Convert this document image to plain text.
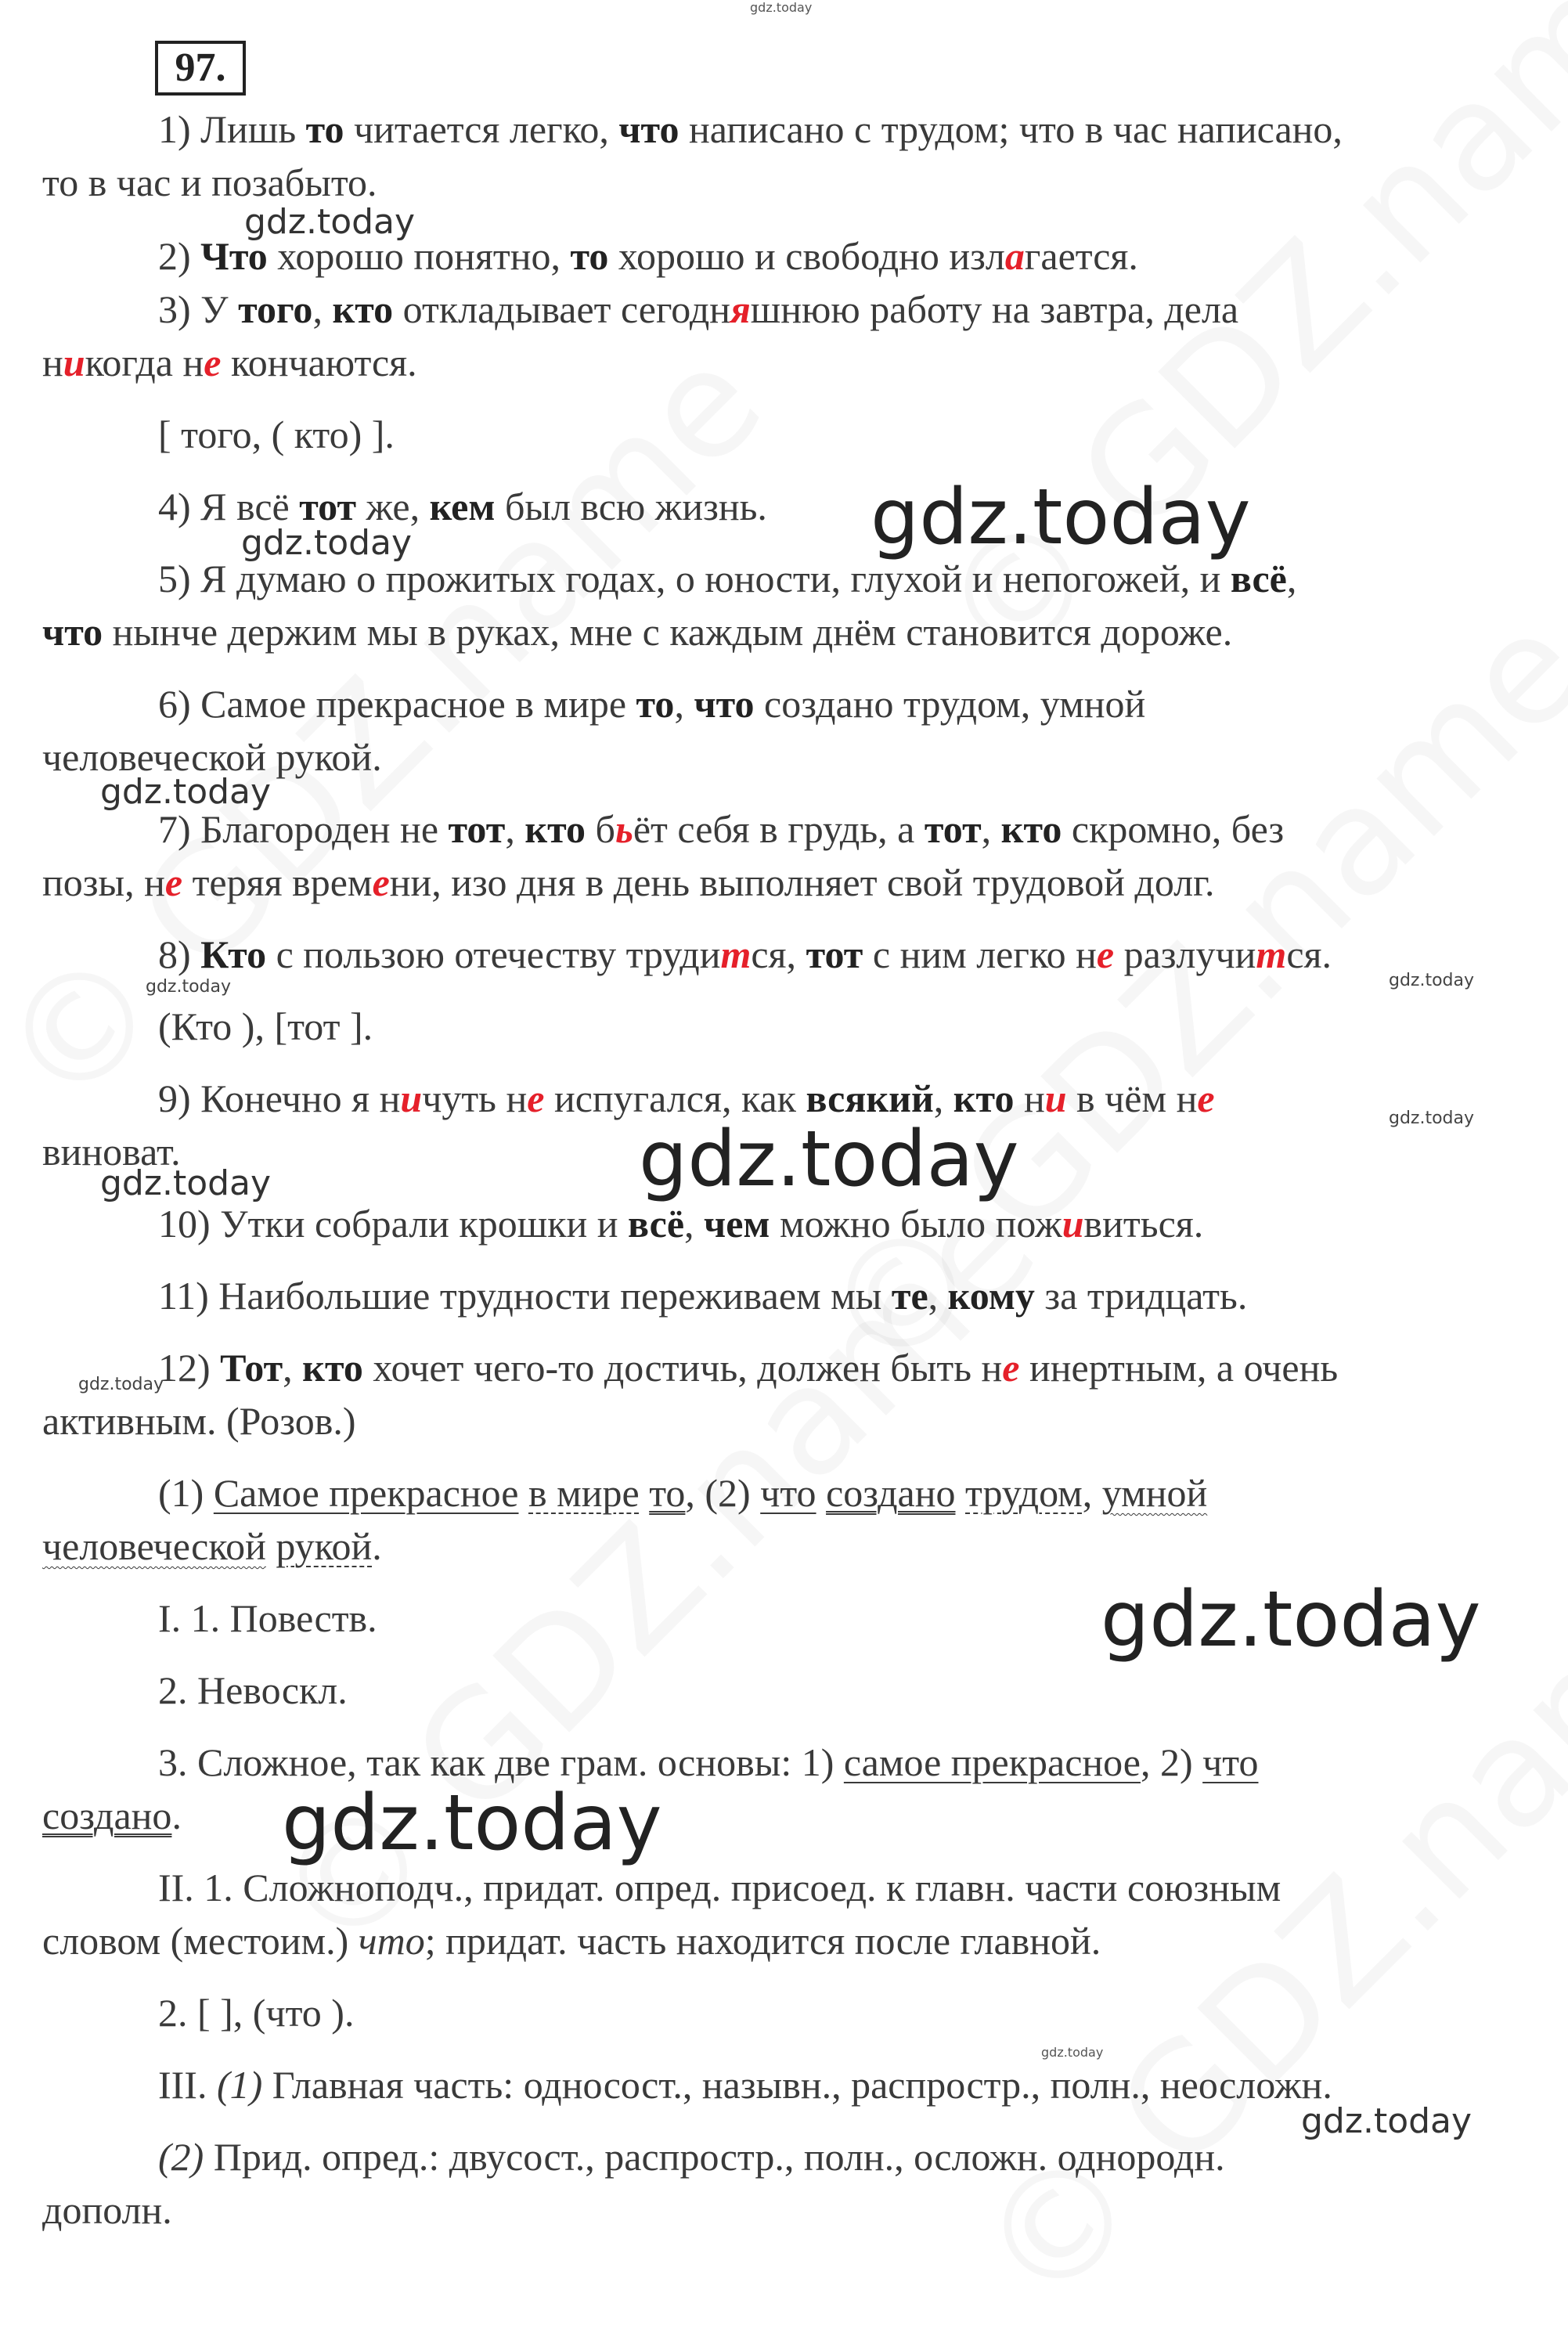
97.
1) Лишь то читается легко, что написано с трудом; что в час написано,
то в час и позабыто.
2) Что хорошо понятно, то хорошо и свободно излагается.
3) У того, кто откладывает сегодняшнюю работу на завтра, дела
никогда не кончаются.
[ того, ( кто) ].
4) Я всё тот же, кем был всю жизнь.
5) Я думаю о прожитых годах, о юности, глухой и непогожей, и всё,
что нынче держим мы в руках, мне с каждым днём становится дороже.
6) Самое прекрасное в мире то, что создано трудом, умной
человеческой рукой.
7) Благороден не тот, кто бьёт себя в грудь, а тот, кто скромно, без
позы, не теряя времени, изо дня в день выполняет свой трудовой долг.
8) Кто с пользою отечеству трудится, тот с ним легко не разлучится.
(Кто ), [тот ].
9) Конечно я ничуть не испугался, как всякий, кто ни в чём не
виноват.
10) Утки собрали крошки и всё, чем можно было поживиться.
11) Наибольшие трудности переживаем мы те, кому за тридцать.
12) Тот, кто хочет чего-то достичь, должен быть не инертным, а очень
активным. (Розов.)
(1) Самое прекрасное в мире то, (2) что создано трудом, умной
человеческой рукой.
I. 1. Повеств.
2. Невоскл.
3. Сложное, так как две грам. основы: 1) самое прекрасное, 2) что
создано.
II. 1. Сложноподч., придат. опред. присоед. к главн. части союзным
словом (местоим.) что; придат. часть находится после главной.
2. [ ], (что ).
III. (1) Главная часть: односост., назывн., распростр., полн., неосложн.
(2) Прид. опред.: двусост., распростр., полн., осложн. однородн.
дополн.
gdz.today
gdz.today
gdz.today
gdz.today
gdz.today
gdz.today	gdz.today
gdz.today
gdz.today
gdz.today
gdz.today
gdz.today
gdz.today
gdz.today
gdz.today
